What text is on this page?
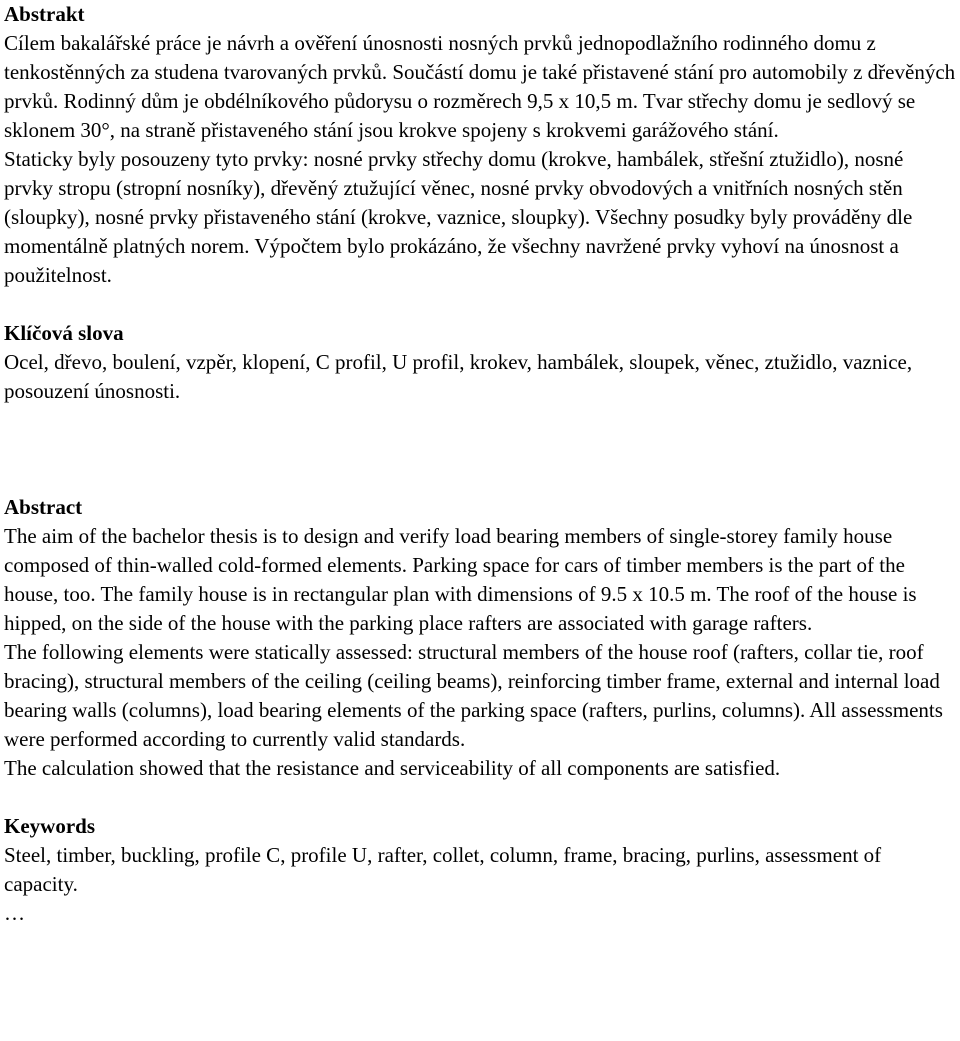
Abstrakt

Cílem bakalářské práce je návrh a ověření únosnosti nosných prvků jednopodlažního rodinného domu z tenkostěnných za studena tvarovaných prvků. Součástí domu je také přistavené stání pro automobily z dřevěných prvků. Rodinný dům je obdélníkového půdorysu o rozměrech 9,5 x 10,5 m. Tvar střechy domu je sedlový se sklonem 30°, na straně přistaveného stání jsou krokve spojeny s krokvemi garážového stání.

Staticky byly posouzeny tyto prvky: nosné prvky střechy domu (krokve, hambálek, střešní ztužidlo), nosné prvky stropu (stropní nosníky), dřevěný ztužující věnec, nosné prvky obvodových a vnitřních nosných stěn (sloupky), nosné prvky přistaveného stání (krokve, vaznice, sloupky). Všechny posudky byly prováděny dle momentálně platných norem. Výpočtem bylo prokázáno, že všechny navržené prvky vyhoví na únosnost a použitelnost.

Klíčová slova

Ocel, dřevo, boulení, vzpěr, klopení, C profil, U profil, krokev, hambálek, sloupek, věnec, ztužidlo, vaznice, posouzení únosnosti.

Abstract

The aim of the bachelor thesis is to design and verify load bearing members of single-storey family house composed of thin-walled cold-formed elements. Parking space for cars of timber members is the part of the house, too. The family house is in rectangular plan with dimensions of 9.5 x 10.5 m. The roof of the house is hipped, on the side of the house with the parking place rafters are associated with garage rafters.

The following elements were statically assessed: structural members of the house roof (rafters, collar tie, roof bracing), structural members of the ceiling (ceiling beams), reinforcing timber frame, external and internal load bearing walls (columns), load bearing elements of the parking space (rafters, purlins, columns). All assessments were performed according to currently valid standards.

The calculation showed that the resistance and serviceability of all components are satisfied.

Keywords

Steel, timber, buckling, profile C, profile U, rafter, collet, column, frame, bracing, purlins, assessment of capacity.

…
